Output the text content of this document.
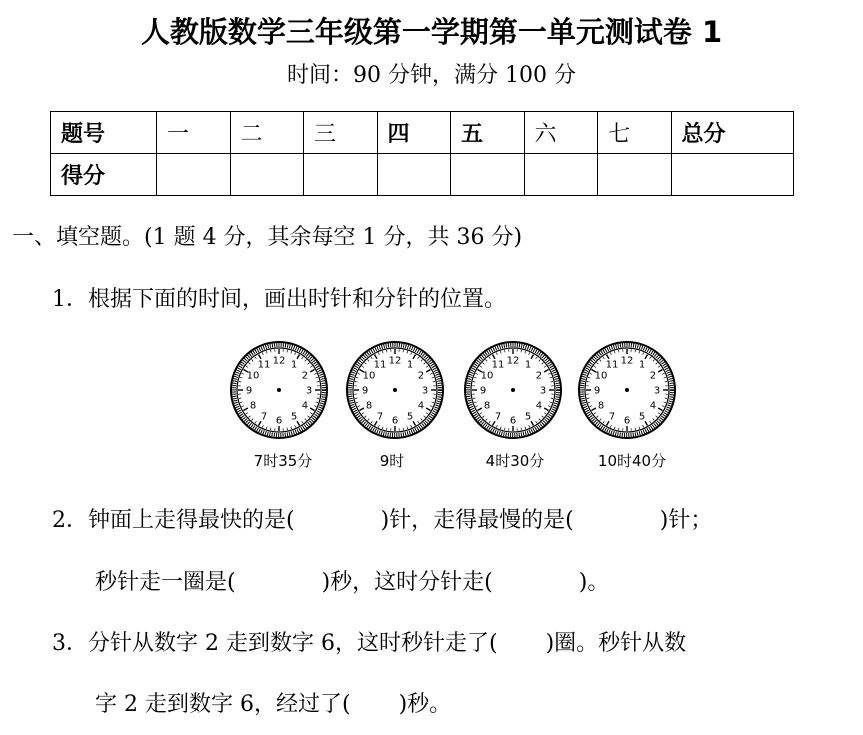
人教版数学三年级第一学期第一单元测试卷 1
时间：90 分钟，满分 100 分
题号	一	二	三	四	五	六	七	总分
得分								
一、填空题。(1 题 4 分，其余每空 1 分，共 36 分)
1．根据下面的时间，画出时针和分针的位置。
12 1
2
3
4
5
6
7
8
9
10
11	12 1
2
3
4
5
6
7
8
9
10
11	12 1
2
3
4
5
6
7
8
9
10
11	12 1
2
3
4
5
6
7
8
9
10
11
7时35分	9时	4时30分	10时40分
2．钟面上走得最快的是(	)针，走得最慢的是(	)针；
秒针走一圈是(	)秒，这时分针走(	)。
3．分针从数字 2 走到数字 6，这时秒针走了( )圈。秒针从数
字 2 走到数字 6，经过了( )秒。
